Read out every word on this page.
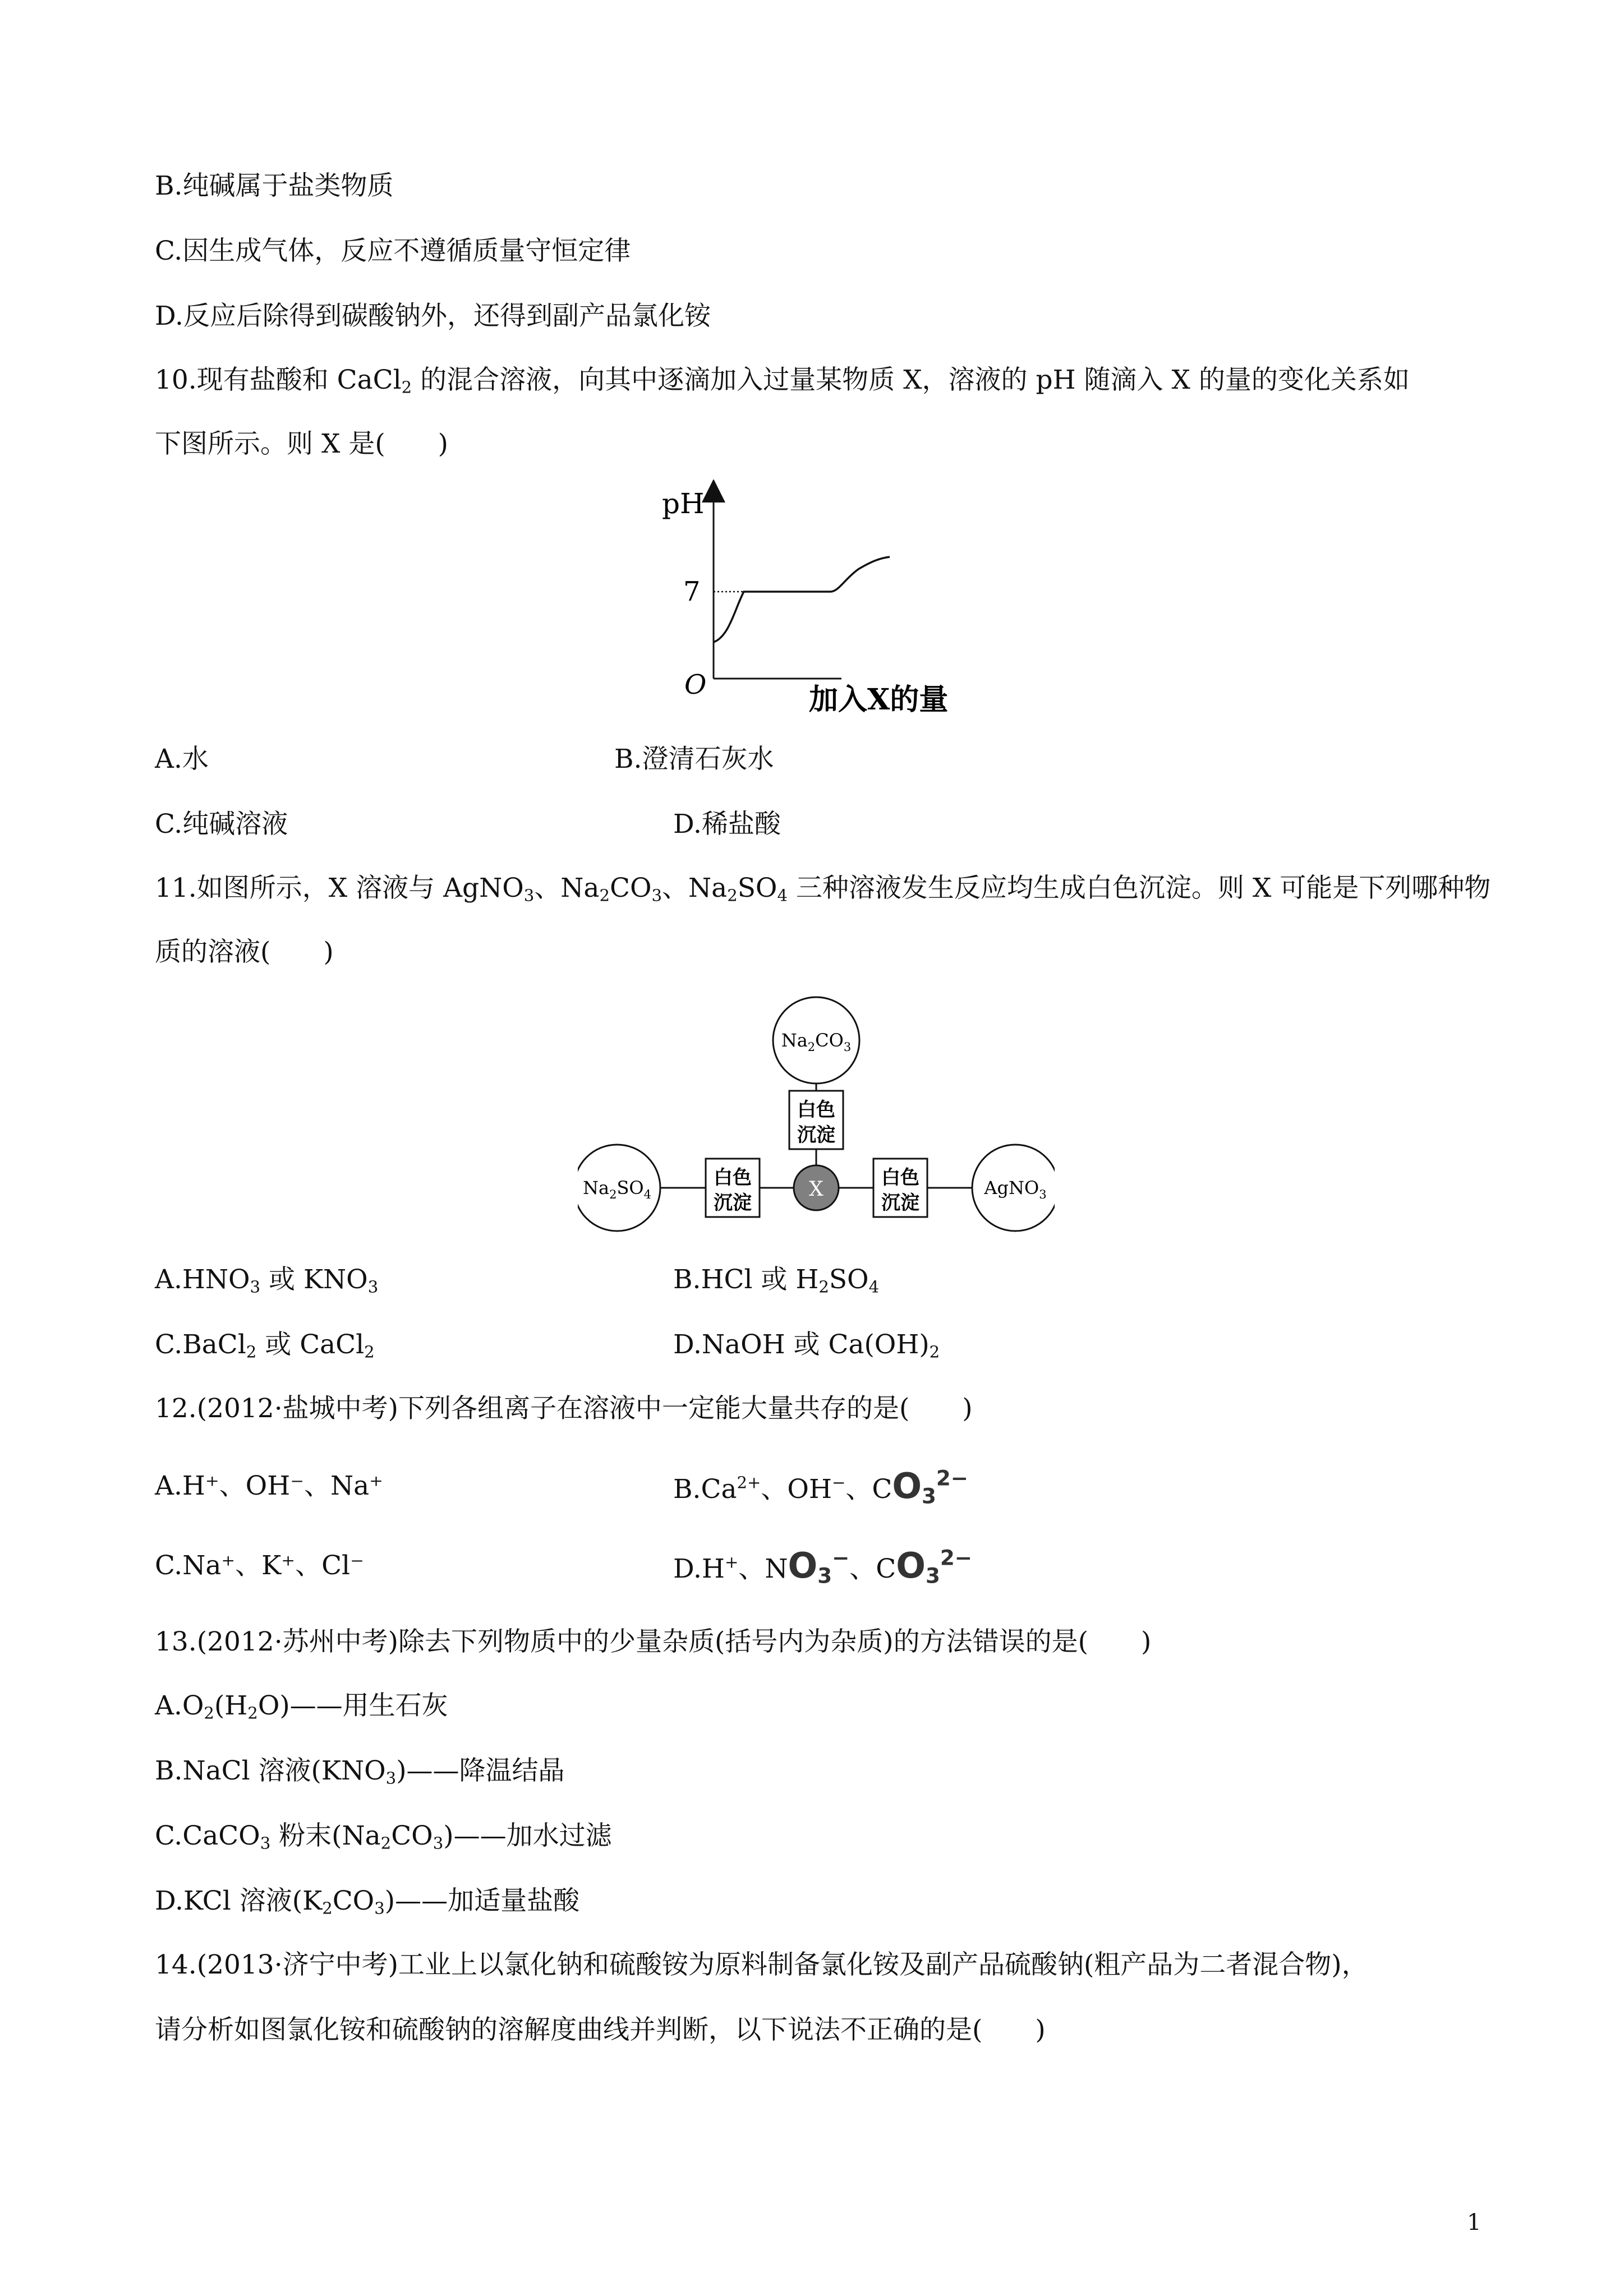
B.纯碱属于盐类物质
C.因生成气体，反应不遵循质量守恒定律
D.反应后除得到碳酸钠外，还得到副产品氯化铵
10.现有盐酸和 CaCl$_2$ 的混合溶液，向其中逐滴加入过量某物质 X，溶液的 pH 随滴入 X 的量的变化关系如
下图所示。则 X 是(　　)
pH
7
O	加入X的量
A.水	B.澄清石灰水
C.纯碱溶液	D.稀盐酸
11.如图所示，X 溶液与 AgNO$_3$、$Na_2CO_3$、$Na_2SO_4$ 三种溶液发生反应均生成白色沉淀。则 X 可能是下列哪种物
质的溶液(　　)
$Na_2CO_3$
$Na_2SO_4$	AgNO$_3$
X
白色
沉淀
白色
沉淀
白色
沉淀
$A.HNO_3$ 或 $KNO_3$	B.HCl 或 $H_2SO_4$
C.BaCl$_2$ 或 CaCl$_2$	D.NaOH 或 $Ca(OH)_2$
12.(2012·盐城中考)下列各组离子在溶液中一定能大量共存的是(　　)
A.H⁺、OH⁻、Na⁺	$B.Ca^{2+}$、OH−、$CO_3^{2-}$
C.Na⁺、K⁺、Cl⁻	D.H+、$NO_3^-$、$CO_3^{2-}$
13.(2012·苏州中考)除去下列物质中的少量杂质(括号内为杂质)的方法错误的是(　　)
$A.O_2(H_2O)——$用生石灰
B.NaCl 溶液$(KNO_3)——$降温结晶
C.CaCO$_3$ 粉末$(Na_2CO_3)——$加水过滤
D.KCl 溶液$(K_2CO_3)——$加适量盐酸
14.(2013·济宁中考)工业上以氯化钠和硫酸铵为原料制备氯化铵及副产品硫酸钠(粗产品为二者混合物)，
请分析如图氯化铵和硫酸钠的溶解度曲线并判断，以下说法不正确的是(　　)
1
